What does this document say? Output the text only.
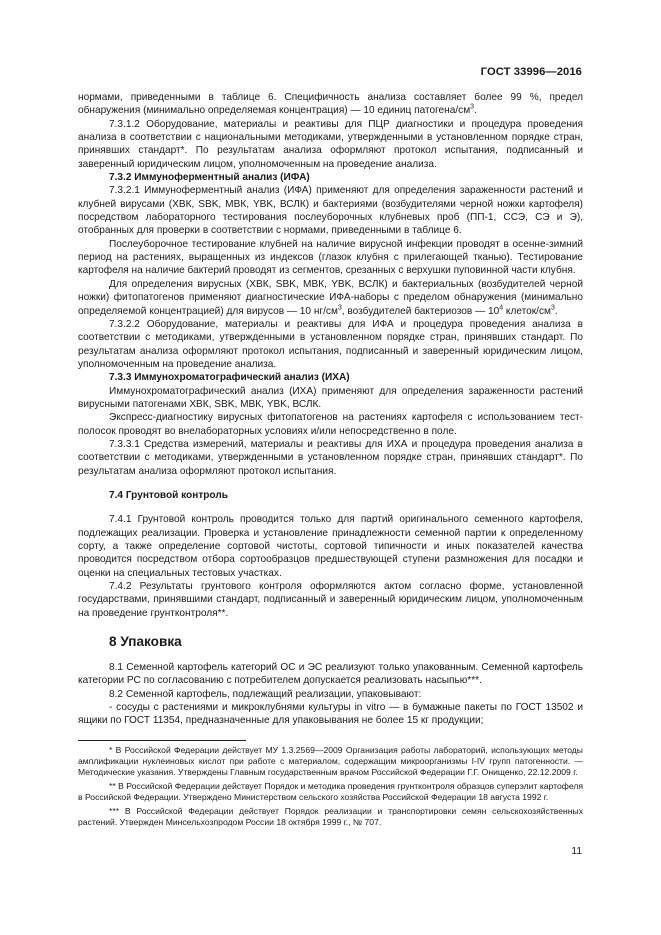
ГОСТ 33996—2016

нормами, приведенными в таблице 6. Специфичность анализа составляет более 99 %, предел обнаружения (минимально определяемая концентрация) — 10 единиц патогена/$см^3$.

7.3.1.2 Оборудование, материалы и реактивы для ПЦР диагностики и процедура проведения анализа в соответствии с национальными методиками, утвержденными в установленном порядке стран, принявших стандарт*. По результатам анализа оформляют протокол испытания, подписанный и заверенный юридическим лицом, уполномоченным на проведение анализа.

7.3.2 Иммуноферментный анализ (ИФА)

7.3.2.1 Иммуноферментный анализ (ИФА) применяют для определения зараженности растений и клубней вирусами (ХВК, SBK, МВК, YBK, ВСЛК) и бактериями (возбудителями черной ножки картофеля) посредством лабораторного тестирования послеуборочных клубневых проб (ПП-1, ССЭ, СЭ и Э), отобранных для проверки в соответствии с нормами, приведенными в таблице 6.

Послеуборочное тестирование клубней на наличие вирусной инфекции проводят в осенне-зимний период на растениях, выращенных из индексов (глазок клубня с прилегающей тканью). Тестирование картофеля на наличие бактерий проводят из сегментов, срезанных с верхушки пуповинной части клубня.

Для определения вирусных (ХВК, SBK, МВК, YBK, ВСЛК) и бактериальных (возбудителей черной ножки) фитопатогенов применяют диагностические ИФА-наборы с пределом обнаружения (минимально определяемой концентрацией) для вирусов — 10 $нг/см^3$, возбудителей бактериозов — $10^4$ клеток/$см^3$.

7.3.2.2 Оборудование, материалы и реактивы для ИФА и процедура проведения анализа в соответствии с методиками, утвержденными в установленном порядке стран, принявших стандарт. По результатам анализа оформляют протокол испытания, подписанный и заверенный юридическим лицом, уполномоченным на проведение анализа.

7.3.3 Иммунохроматографический анализ (ИХА)

Иммунохроматографический анализ (ИХА) применяют для определения зараженности растений вирусными патогенами ХВК, SBK, МВК, YBK, ВСЛК.

Экспресс-диагностику вирусных фитопатогенов на растениях картофеля с использованием тест-полосок проводят во внелабораторных условиях и/или непосредственно в поле.

7.3.3.1 Средства измерений, материалы и реактивы для ИХА и процедура проведения анализа в соответствии с методиками, утвержденными в установленном порядке стран, принявших стандарт*. По результатам анализа оформляют протокол испытания.

7.4 Грунтовой контроль

7.4.1 Грунтовой контроль проводится только для партий оригинального семенного картофеля, подлежащих реализации. Проверка и установление принадлежности семенной партии к определенному сорту, а также определение сортовой чистоты, сортовой типичности и иных показателей качества проводится посредством отбора сортообразцов предшествующей ступени размножения для посадки и оценки на специальных тестовых участках.

7.4.2 Результаты грунтового контроля оформляются актом согласно форме, установленной государствами, принявшими стандарт, подписанный и заверенный юридическим лицом, уполномоченным на проведение грунтконтроля**.

8 Упаковка

8.1 Семенной картофель категорий ОС и ЭС реализуют только упакованным. Семенной картофель категории РС по согласованию с потребителем допускается реализовать насыпью***.

8.2 Семенной картофель, подлежащий реализации, упаковывают:

- сосуды с растениями и микроклубнями культуры in vitro — в бумажные пакеты по ГОСТ 13502 и ящики по ГОСТ 11354, предназначенные для упаковывания не более 15 кг продукции;

* В Российской Федерации действует МУ 1.3.2569—2009 Организация работы лабораторий, использующих методы амплификации нуклеиновых кислот при работе с материалом, содержащим микроорганизмы I-IV групп патогенности. — Методические указания. Утверждены Главным государственным врачом Российской Федерации Г.Г. Онищенко, 22.12.2009 г.

** В Российской Федерации действует Порядок и методика проведения грунтконтроля образцов суперэлит картофеля в Российской Федерации. Утверждено Министерством сельского хозяйства Российской Федерации 18 августа 1992 г.

*** В Российской Федерации действует Порядок реализации и транспортировки семян сельскохозяйственных растений. Утвержден Минсельхозпродом России 18 октября 1999 г., № 707.

11
